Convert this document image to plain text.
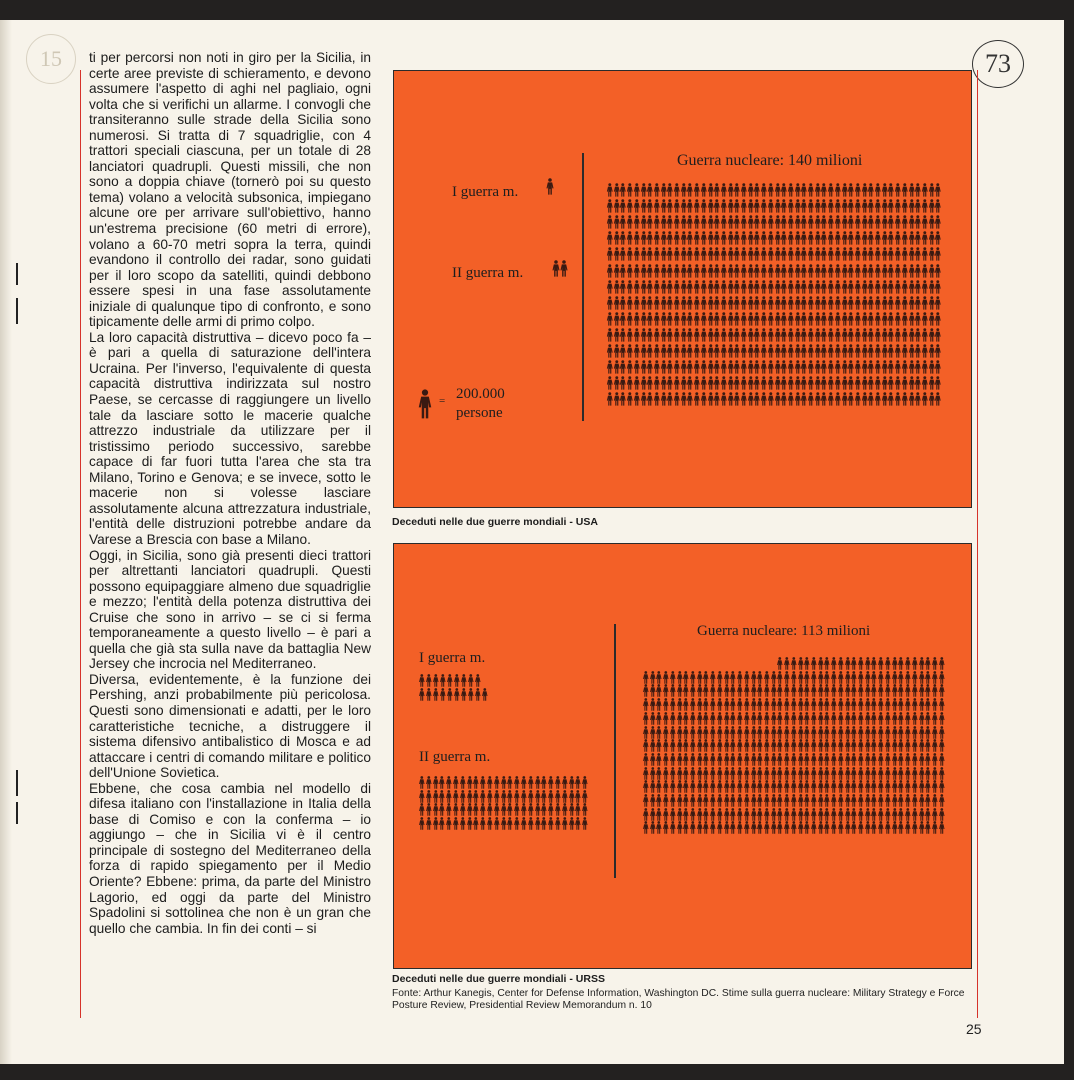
15	73

ti per percorsi non noti in giro per la Sicilia, in certe aree previste di schieramento, e devono assumere l'aspetto di aghi nel pagliaio, ogni volta che si verifichi un allarme. I convogli che transiteranno sulle strade della Sicilia sono numerosi. Si tratta di 7 squadriglie, con 4 trattori speciali ciascuna, per un totale di 28 lanciatori quadrupli. Questi missili, che non sono a doppia chiave (tornerò poi su questo tema) volano a velocità subsonica, impiegano alcune ore per arrivare sull'obiettivo, hanno un'estrema precisione (60 metri di errore), volano a 60-70 metri sopra la terra, quindi evandono il controllo dei radar, sono guidati per il loro scopo da satelliti, quindi debbono essere spesi in una fase assolutamente iniziale di qualunque tipo di confronto, e sono tipicamente delle armi di primo colpo.

La loro capacità distruttiva – dicevo poco fa – è pari a quella di saturazione dell'intera Ucraina. Per l'inverso, l'equivalente di questa capacità distruttiva indirizzata sul nostro Paese, se cercasse di raggiungere un livello tale da lasciare sotto le macerie qualche attrezzo industriale da utilizzare per il tristissimo periodo successivo, sarebbe capace di far fuori tutta l'area che sta tra Milano, Torino e Genova; e se invece, sotto le macerie non si volesse lasciare assolutamente alcuna attrezzatura industriale, l'entità delle distruzioni potrebbe andare da Varese a Brescia con base a Milano.

Oggi, in Sicilia, sono già presenti dieci trattori per altrettanti lanciatori quadrupli. Questi possono equipaggiare almeno due squadriglie e mezzo; l'entità della potenza distruttiva dei Cruise che sono in arrivo – se ci si ferma temporaneamente a questo livello – è pari a quella che già sta sulla nave da battaglia New Jersey che incrocia nel Mediterraneo.

Diversa, evidentemente, è la funzione dei Pershing, anzi probabilmente più pericolosa. Questi sono dimensionati e adatti, per le loro caratteristiche tecniche, a distruggere il sistema difensivo antibalistico di Mosca e ad attaccare i centri di comando militare e politico dell'Unione Sovietica.

Ebbene, che cosa cambia nel modello di difesa italiano con l'installazione in Italia della base di Comiso e con la conferma – io aggiungo – che in Sicilia vi è il centro principale di sostegno del Mediterraneo della forza di rapido spiegamento per il Medio Oriente? Ebbene: prima, da parte del Ministro Lagorio, ed oggi da parte del Ministro Spadolini si sottolinea che non è un gran che quello che cambia. In fin dei conti – si

Guerra nucleare: 140 milioni
I guerra m.
II guerra m.
200.000
persone
=
Deceduti nelle due guerre mondiali - USA
Guerra nucleare: 113 milioni
I guerra m.
II guerra m.
Deceduti nelle due guerre mondiali - URSS
Fonte: Arthur Kanegis, Center for Defense Information, Washington DC. Stime sulla guerra nucleare: Military Strategy e Force Posture Review, Presidential Review Memorandum n. 10
25
